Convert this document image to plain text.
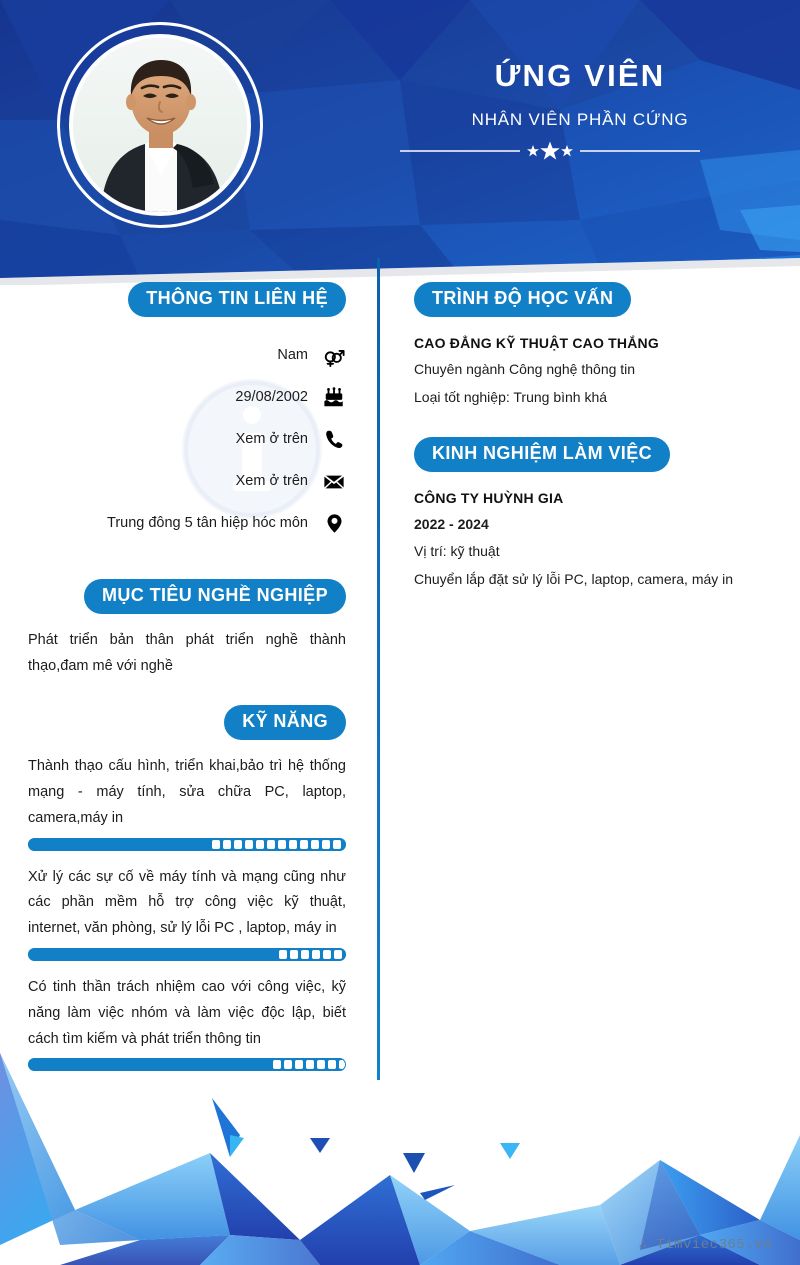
ỨNG VIÊN
NHÂN VIÊN PHẦN CỨNG
THÔNG TIN LIÊN HỆ
Nam
29/08/2002
Xem ở trên
Xem ở trên
Trung đông 5 tân hiệp hóc môn
MỤC TIÊU NGHỀ NGHIỆP
Phát triển bản thân phát triển nghề thành thạo,đam mê với nghề
KỸ NĂNG
Thành thạo cấu hình, triển khai,bảo trì hệ thống mạng - máy tính, sửa chữa PC, laptop, camera,máy in
Xử lý các sự cố về máy tính và mạng cũng như các phần mềm hỗ trợ công việc kỹ thuật, internet, văn phòng, sử lý lỗi PC , laptop, máy in
Có tinh thần trách nhiệm cao với công việc, kỹ năng làm việc nhóm và làm việc độc lập, biết cách tìm kiếm và phát triển thông tin
TRÌNH ĐỘ HỌC VẤN
CAO ĐẲNG KỸ THUẬT CAO THẮNG
Chuyên ngành Công nghệ thông tin
Loại tốt nghiệp: Trung bình khá
KINH NGHIỆM LÀM VIỆC
CÔNG TY HUỲNH GIA
2022 - 2024
Vị trí: kỹ thuật
Chuyển lắp đặt sử lý lỗi PC, laptop, camera, máy in
∴ Timviec365.vn
